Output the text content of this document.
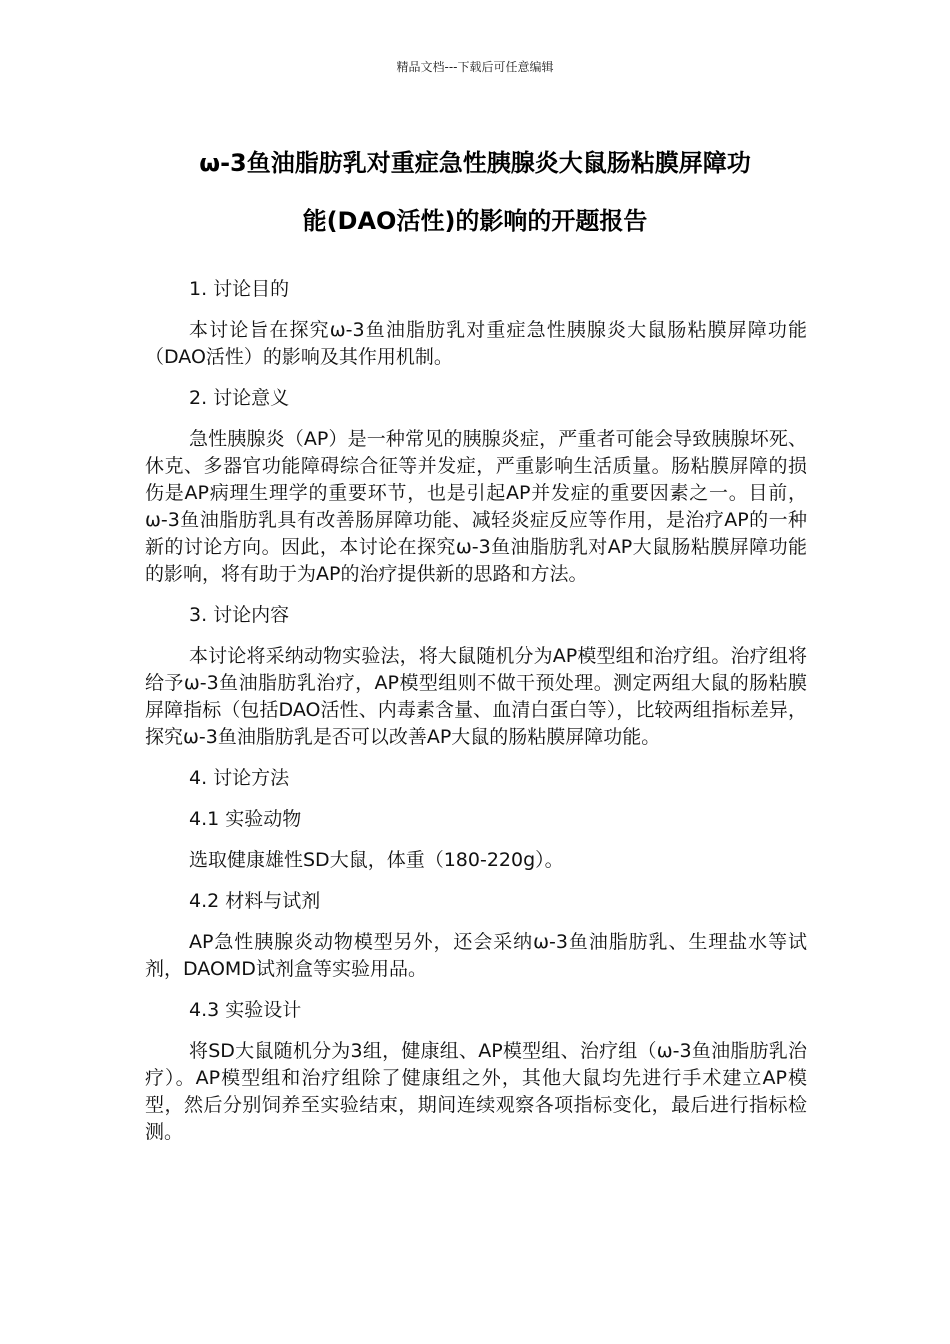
精品文档---下载后可任意编辑
ω-3鱼油脂肪乳对重症急性胰腺炎大鼠肠粘膜屏障功
能(DAO活性)的影响的开题报告

1. 讨论目的

本讨论旨在探究ω-3鱼油脂肪乳对重症急性胰腺炎大鼠肠粘膜屏障功能（DAO活性）的影响及其作用机制。

2. 讨论意义

急性胰腺炎（AP）是一种常见的胰腺炎症，严重者可能会导致胰腺坏死、休克、多器官功能障碍综合征等并发症，严重影响生活质量。肠粘膜屏障的损伤是AP病理生理学的重要环节，也是引起AP并发症的重要因素之一。目前，ω-3鱼油脂肪乳具有改善肠屏障功能、减轻炎症反应等作用，是治疗AP的一种新的讨论方向。因此，本讨论在探究ω-3鱼油脂肪乳对AP大鼠肠粘膜屏障功能的影响，将有助于为AP的治疗提供新的思路和方法。

3. 讨论内容

本讨论将采纳动物实验法，将大鼠随机分为AP模型组和治疗组。治疗组将给予ω-3鱼油脂肪乳治疗，AP模型组则不做干预处理。测定两组大鼠的肠粘膜屏障指标（包括DAO活性、内毒素含量、血清白蛋白等），比较两组指标差异，探究ω-3鱼油脂肪乳是否可以改善AP大鼠的肠粘膜屏障功能。

4. 讨论方法

4.1 实验动物

选取健康雄性SD大鼠，体重（180-220g）。

4.2 材料与试剂

AP急性胰腺炎动物模型另外，还会采纳ω-3鱼油脂肪乳、生理盐水等试剂，DAOMD试剂盒等实验用品。

4.3 实验设计

将SD大鼠随机分为3组，健康组、AP模型组、治疗组（ω-3鱼油脂肪乳治疗）。AP模型组和治疗组除了健康组之外，其他大鼠均先进行手术建立AP模型，然后分别饲养至实验结束，期间连续观察各项指标变化，最后进行指标检测。
